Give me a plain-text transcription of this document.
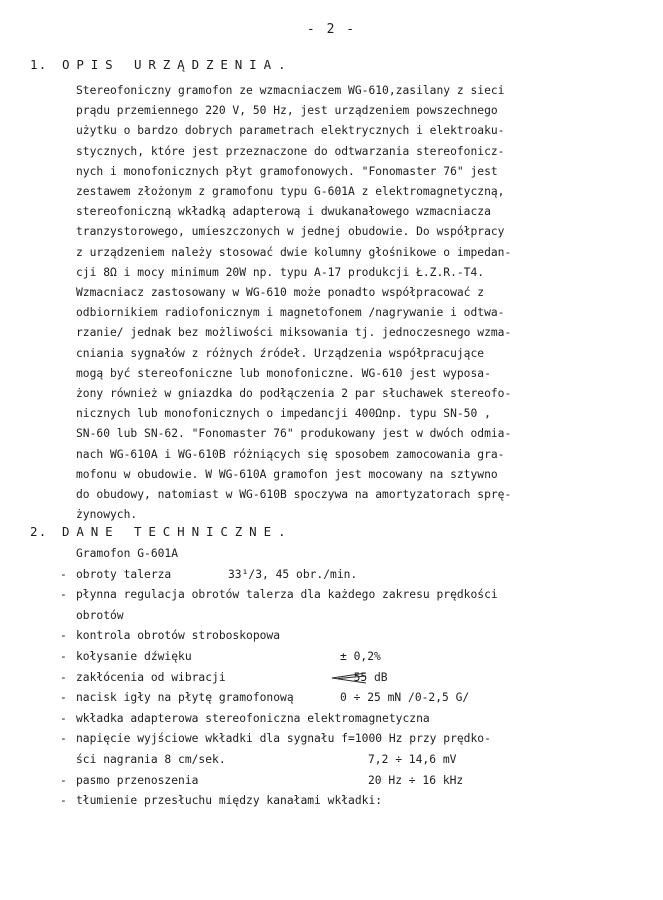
- 2 -
1. OPIS URZĄDZENIA.
Stereofoniczny gramofon ze wzmacniaczem WG-610,zasilany z sieci
prądu przemiennego 220 V, 50 Hz, jest urządzeniem powszechnego
użytku o bardzo dobrych parametrach elektrycznych i elektroaku-
stycznych, które jest przeznaczone do odtwarzania stereofonicz-
nych i monofonicznych płyt gramofonowych. "Fonomaster 76" jest
zestawem złożonym z gramofonu typu G-601A z elektromagnetyczną,
stereofoniczną wkładką adapterową i dwukanałowego wzmacniacza
tranzystorowego, umieszczonych w jednej obudowie. Do współpracy
z urządzeniem należy stosować dwie kolumny głośnikowe o impedan-
cji 8Ω i mocy minimum 20W np. typu A-17 produkcji Ł.Z.R.-T4.
Wzmacniacz zastosowany w WG-610 może ponadto współpracować z
odbiornikiem radiofonicznym i magnetofonem /nagrywanie i odtwa-
rzanie/ jednak bez możliwości miksowania tj. jednoczesnego wzma-
cniania sygnałów z różnych źródeł. Urządzenia współpracujące
mogą być stereofoniczne lub monofoniczne. WG-610 jest wyposa-
żony również w gniazdka do podłączenia 2 par słuchawek stereofo-
nicznych lub monofonicznych o impedancji 400Ωnp. typu SN-50 ,
SN-60 lub SN-62. "Fonomaster 76" produkowany jest w dwóch odmia-
nach WG-610A i WG-610B różniących się sposobem zamocowania gra-
mofonu w obudowie. W WG-610A gramofon jest mocowany na sztywno
do obudowy, natomiast w WG-610B spoczywa na amortyzatorach sprę-
żynowych.
2. DANE TECHNICZNE.
Gramofon G-601A
- obroty talerza	33¹/3, 45 obr./min.
- płynna regulacja obrotów talerza dla każdego zakresu prędkości
obrotów
- kontrola obrotów stroboskopowa
- kołysanie dźwięku	± 0,2%
- zakłócenia od wibracji	- 55 dB
- nacisk igły na płytę gramofonową	0 ÷ 25 mN /0-2,5 G/
- wkładka adapterowa stereofoniczna elektromagnetyczna
- napięcie wyjściowe wkładki dla sygnału f=1000 Hz przy prędko-
ści nagrania 8 cm/sek.	7,2 ÷ 14,6 mV
- pasmo przenoszenia	20 Hz ÷ 16 kHz
- tłumienie przesłuchu między kanałami wkładki:
